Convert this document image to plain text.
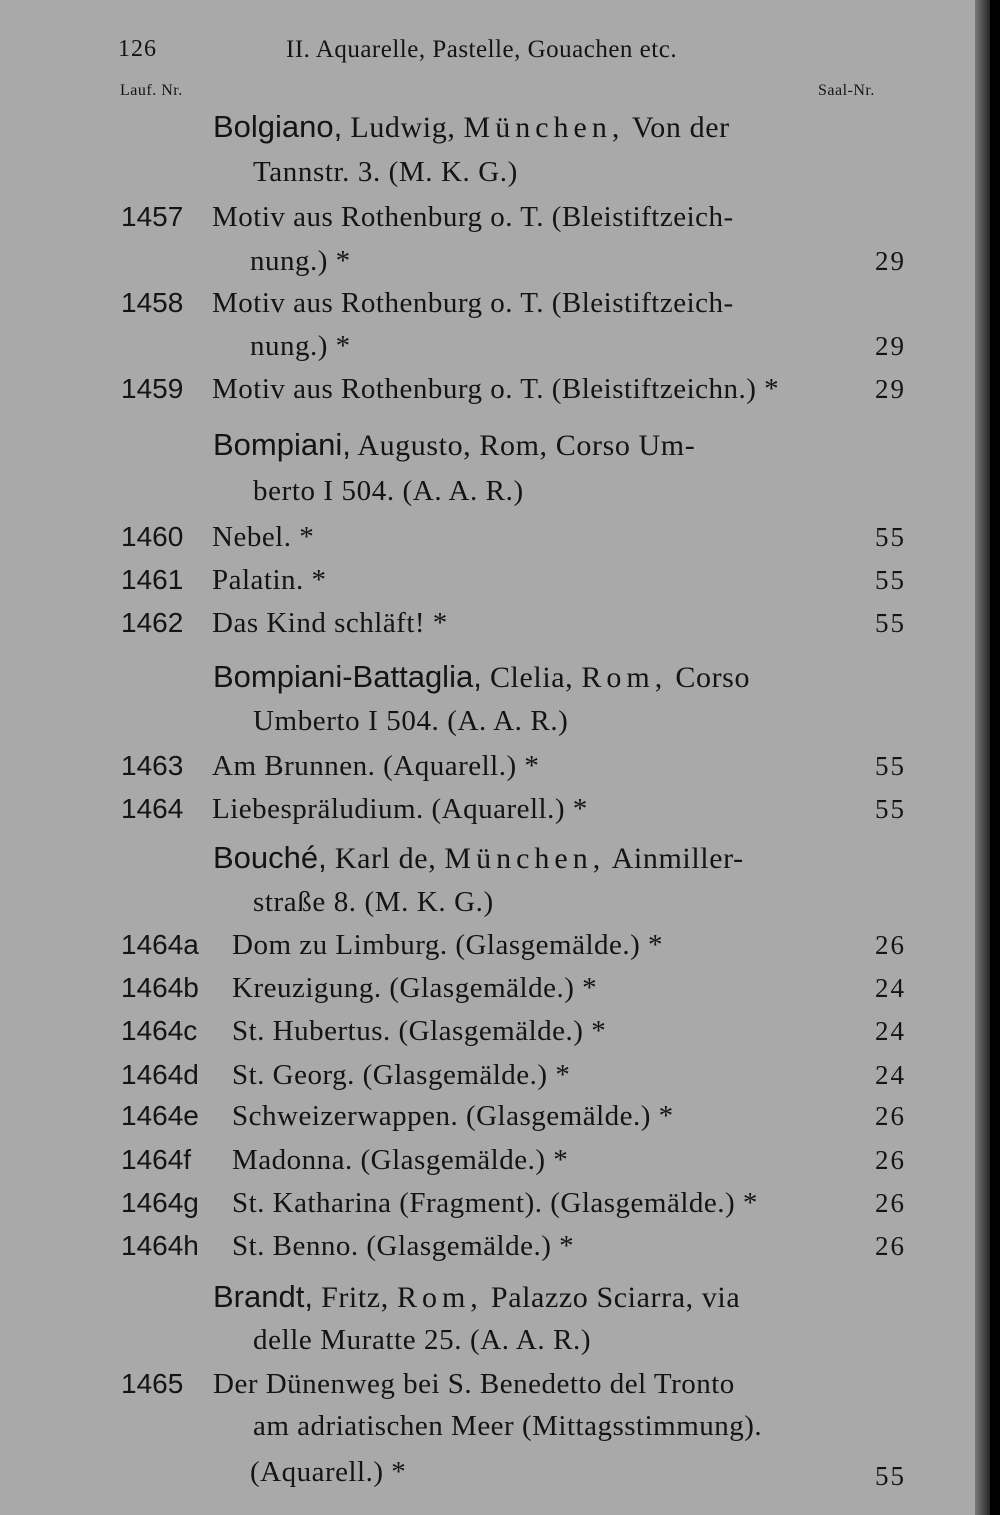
126	II. Aquarelle, Pastelle, Gouachen etc.
Lauf. Nr.	Saal-Nr.
Bolgiano, Ludwig, München, Von der
Tannstr. 3. (M. K. G.)
1457 Motiv aus Rothenburg o. T. (Bleistiftzeich-
nung.) *	29
1458 Motiv aus Rothenburg o. T. (Bleistiftzeich-
nung.) *	29
1459 Motiv aus Rothenburg o. T. (Bleistiftzeichn.) *	29
Bompiani, Augusto, Rom, Corso Um-
berto I 504. (A. A. R.)
1460 Nebel. *	55
1461 Palatin. *	55
1462 Das Kind schläft! *	55
Bompiani-Battaglia, Clelia, Rom, Corso
Umberto I 504. (A. A. R.)
1463 Am Brunnen. (Aquarell.) *	55
1464 Liebespräludium. (Aquarell.) *	55
Bouché, Karl de, München, Ainmiller-
straße 8. (M. K. G.)
1464a Dom zu Limburg. (Glasgemälde.) *	26
1464b Kreuzigung. (Glasgemälde.) *	24
1464c St. Hubertus. (Glasgemälde.) *	24
1464d St. Georg. (Glasgemälde.) *	24
1464e Schweizerwappen. (Glasgemälde.) *	26
1464f Madonna. (Glasgemälde.) *	26
1464g St. Katharina (Fragment). (Glasgemälde.) *	26
1464h St. Benno. (Glasgemälde.) *	26
Brandt, Fritz, Rom, Palazzo Sciarra, via
delle Muratte 25. (A. A. R.)
1465 Der Dünenweg bei S. Benedetto del Tronto
am adriatischen Meer (Mittagsstimmung).
(Aquarell.) *	55
